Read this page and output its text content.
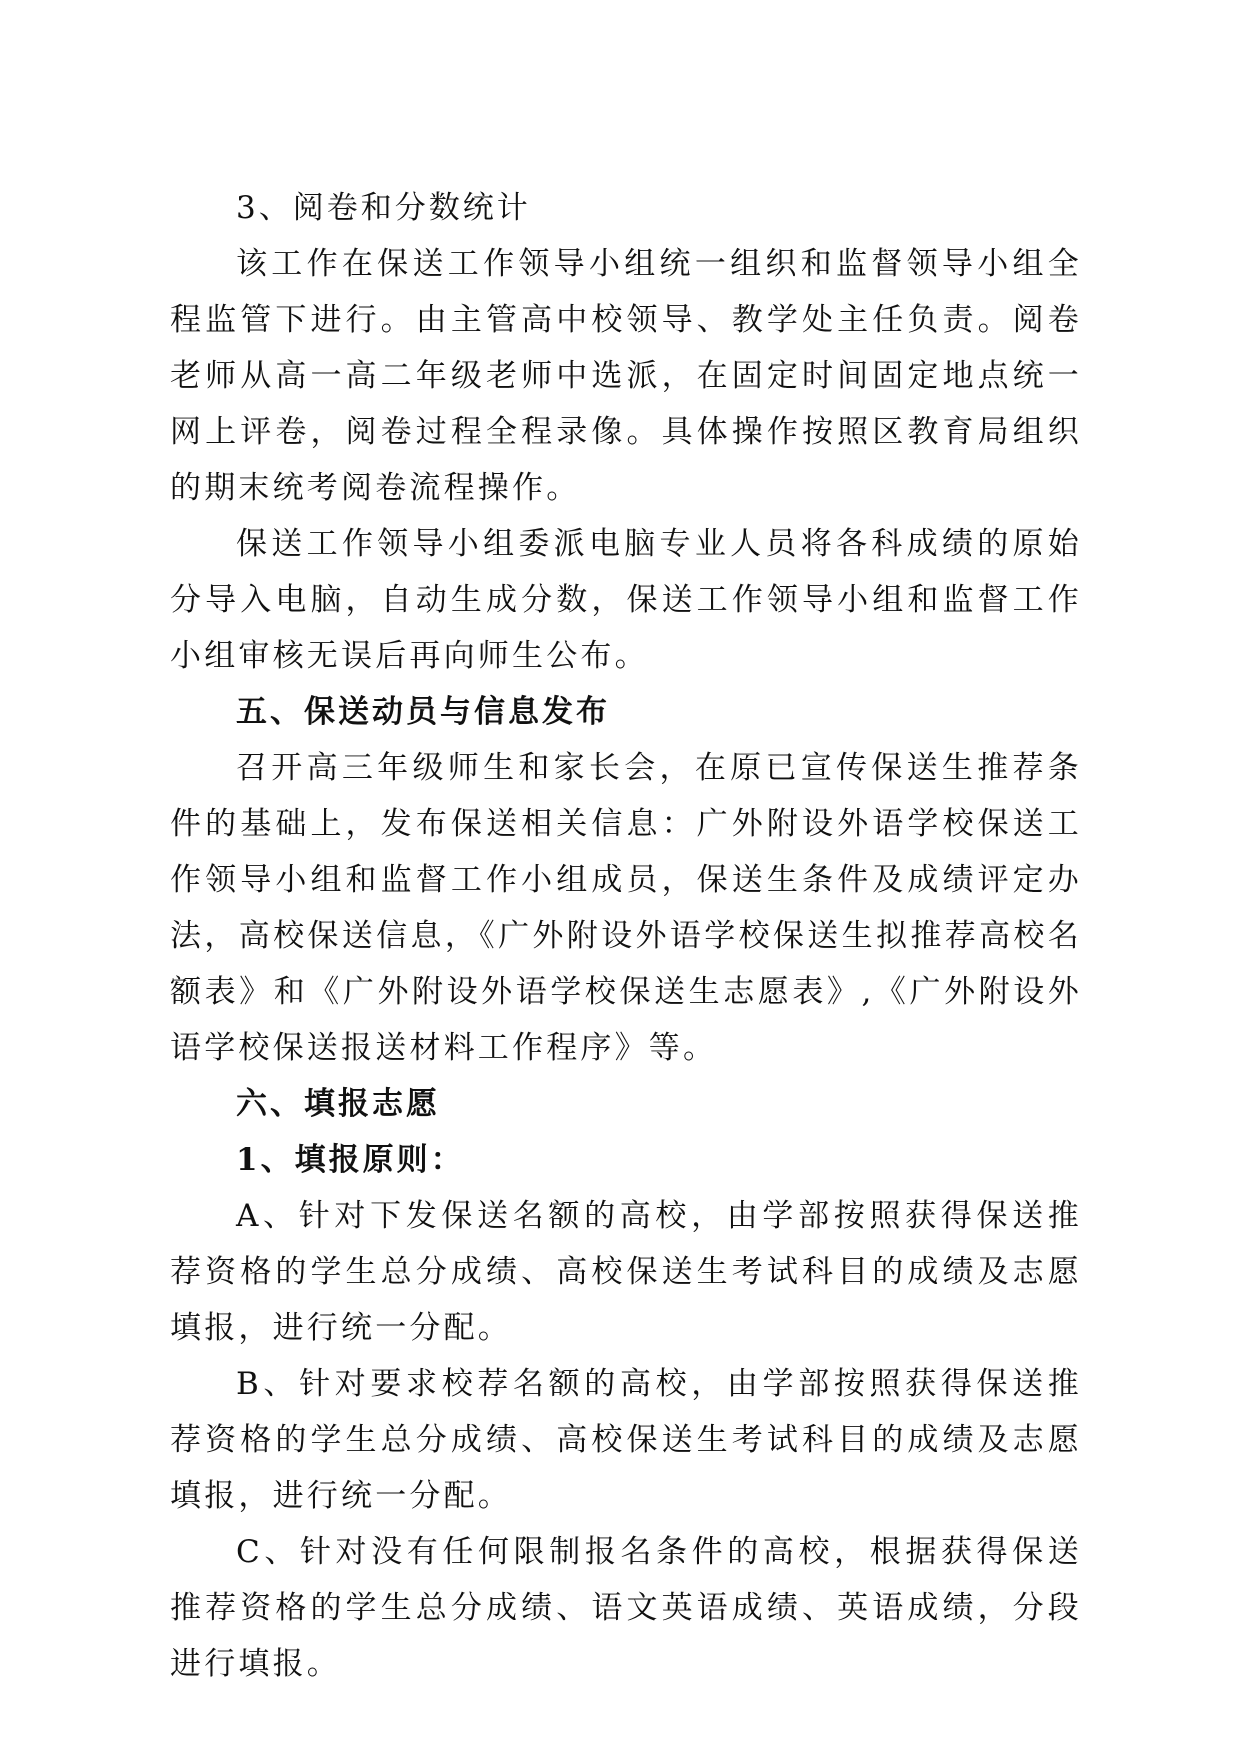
3、阅卷和分数统计

该工作在保送工作领导小组统一组织和监督领导小组全程监管下进行。由主管高中校领导、教学处主任负责。阅卷老师从高一高二年级老师中选派，在固定时间固定地点统一网上评卷，阅卷过程全程录像。具体操作按照区教育局组织的期末统考阅卷流程操作。

保送工作领导小组委派电脑专业人员将各科成绩的原始分导入电脑，自动生成分数，保送工作领导小组和监督工作小组审核无误后再向师生公布。

五、保送动员与信息发布

召开高三年级师生和家长会，在原已宣传保送生推荐条件的基础上，发布保送相关信息：广外附设外语学校保送工作领导小组和监督工作小组成员，保送生条件及成绩评定办法，高校保送信息，《广外附设外语学校保送生拟推荐高校名额表》和《广外附设外语学校保送生志愿表》,《广外附设外语学校保送报送材料工作程序》等。

六、填报志愿

1、填报原则：

A、针对下发保送名额的高校，由学部按照获得保送推荐资格的学生总分成绩、高校保送生考试科目的成绩及志愿填报，进行统一分配。

B、针对要求校荐名额的高校，由学部按照获得保送推荐资格的学生总分成绩、高校保送生考试科目的成绩及志愿填报，进行统一分配。

C、针对没有任何限制报名条件的高校，根据获得保送推荐资格的学生总分成绩、语文英语成绩、英语成绩，分段进行填报。
